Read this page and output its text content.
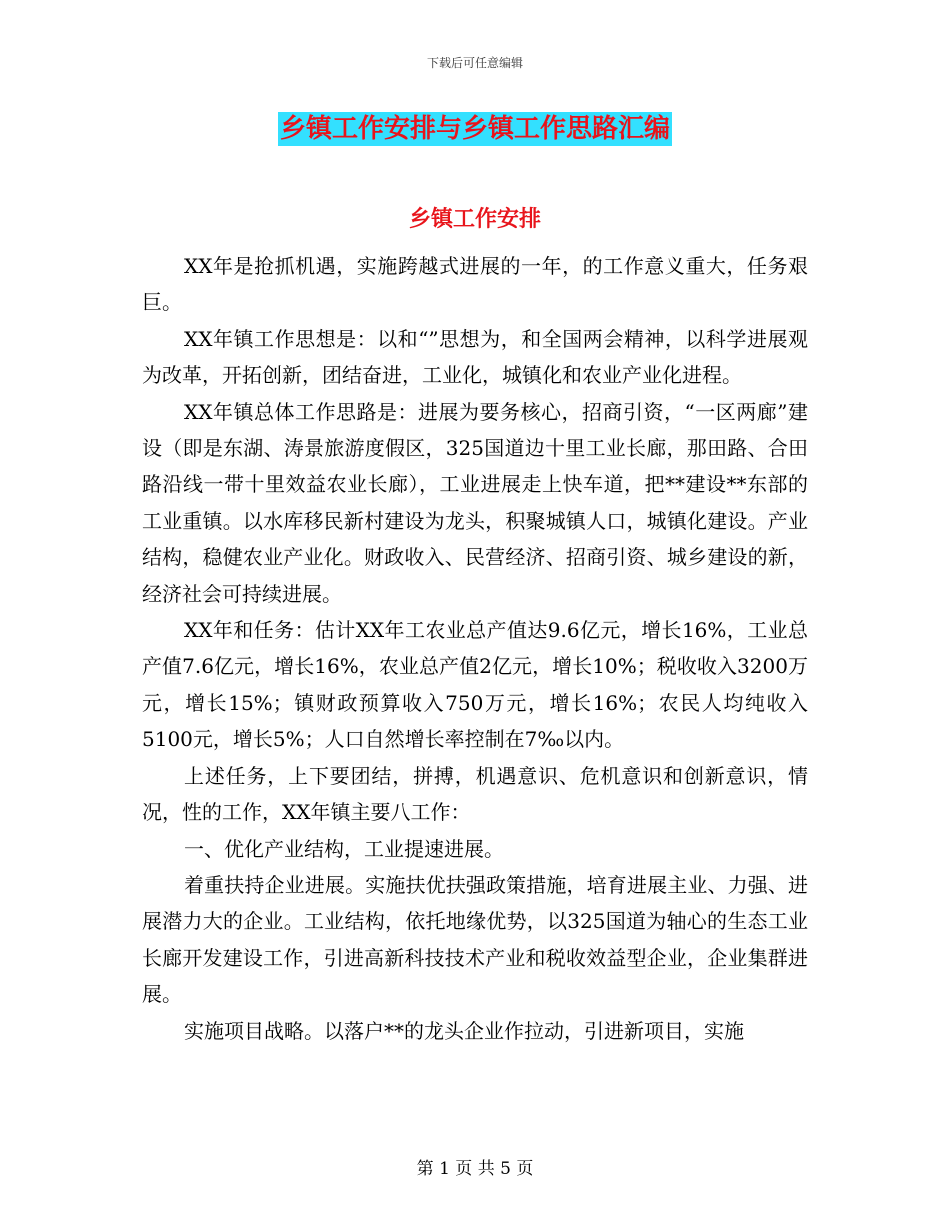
下载后可任意编辑
乡镇工作安排与乡镇工作思路汇编
乡镇工作安排

XX年是抢抓机遇，实施跨越式进展的一年，的工作意义重大，任务艰巨。

XX年镇工作思想是：以和“”思想为，和全国两会精神，以科学进展观为改革，开拓创新，团结奋进，工业化，城镇化和农业产业化进程。

XX年镇总体工作思路是：进展为要务核心，招商引资，“一区两廊”建设（即是东湖、涛景旅游度假区，325国道边十里工业长廊，那田路、合田路沿线一带十里效益农业长廊），工业进展走上快车道，把**建设**东部的工业重镇。以水库移民新村建设为龙头，积聚城镇人口，城镇化建设。产业结构，稳健农业产业化。财政收入、民营经济、招商引资、城乡建设的新，经济社会可持续进展。

XX年和任务：估计XX年工农业总产值达9.6亿元，增长16%，工业总产值7.6亿元，增长16%，农业总产值2亿元，增长10%；税收收入3200万元，增长15%；镇财政预算收入750万元，增长16%；农民人均纯收入5100元，增长5%；人口自然增长率控制在7‰以内。

上述任务，上下要团结，拼搏，机遇意识、危机意识和创新意识，情况，性的工作，XX年镇主要八工作：

一、优化产业结构，工业提速进展。

着重扶持企业进展。实施扶优扶强政策措施，培育进展主业、力强、进展潜力大的企业。工业结构，依托地缘优势，以325国道为轴心的生态工业长廊开发建设工作，引进高新科技技术产业和税收效益型企业，企业集群进展。

实施项目战略。以落户**的龙头企业作拉动，引进新项目，实施

第 1 页 共 5 页
